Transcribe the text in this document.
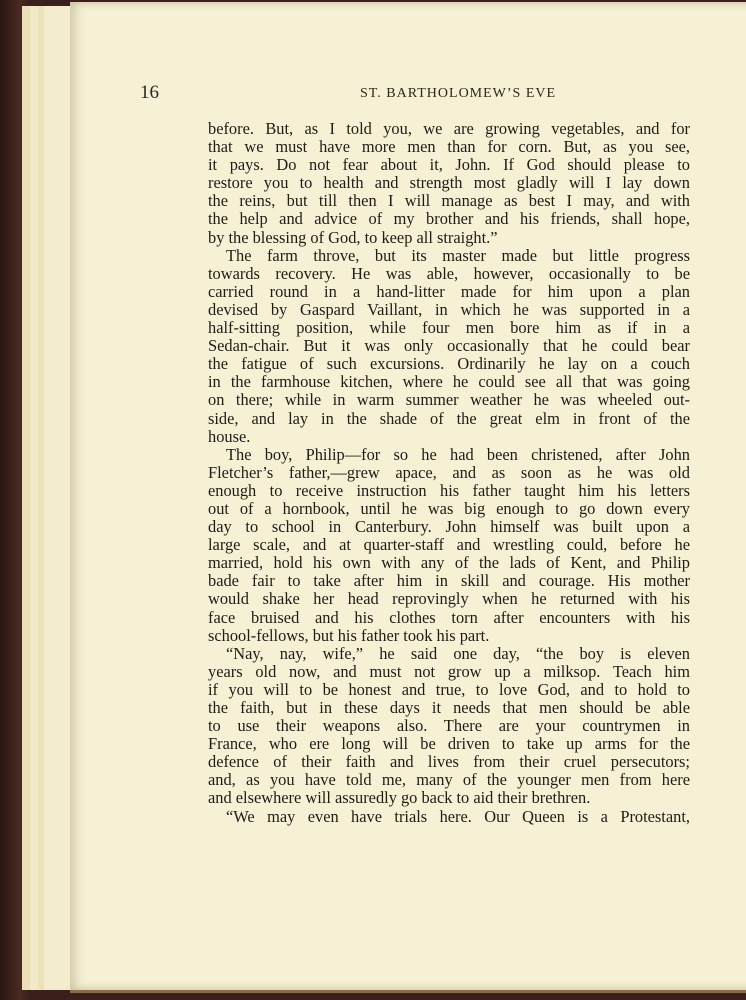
16	ST. BARTHOLOMEW’S EVE
before. But, as I told you, we are growing vegetables, and for
that we must have more men than for corn. But, as you see,
it pays. Do not fear about it, John. If God should please to
restore you to health and strength most gladly will I lay down
the reins, but till then I will manage as best I may, and with
the help and advice of my brother and his friends, shall hope,
by the blessing of God, to keep all straight.”
The farm throve, but its master made but little progress
towards recovery. He was able, however, occasionally to be
carried round in a hand-litter made for him upon a plan
devised by Gaspard Vaillant, in which he was supported in a
half-sitting position, while four men bore him as if in a
Sedan-chair. But it was only occasionally that he could bear
the fatigue of such excursions. Ordinarily he lay on a couch
in the farmhouse kitchen, where he could see all that was going
on there; while in warm summer weather he was wheeled out-
side, and lay in the shade of the great elm in front of the
house.
The boy, Philip—for so he had been christened, after John
Fletcher’s father,—grew apace, and as soon as he was old
enough to receive instruction his father taught him his letters
out of a hornbook, until he was big enough to go down every
day to school in Canterbury. John himself was built upon a
large scale, and at quarter-staff and wrestling could, before he
married, hold his own with any of the lads of Kent, and Philip
bade fair to take after him in skill and courage. His mother
would shake her head reprovingly when he returned with his
face bruised and his clothes torn after encounters with his
school-fellows, but his father took his part.
“Nay, nay, wife,” he said one day, “the boy is eleven
years old now, and must not grow up a milksop. Teach him
if you will to be honest and true, to love God, and to hold to
the faith, but in these days it needs that men should be able
to use their weapons also. There are your countrymen in
France, who ere long will be driven to take up arms for the
defence of their faith and lives from their cruel persecutors;
and, as you have told me, many of the younger men from here
and elsewhere will assuredly go back to aid their brethren.
“We may even have trials here. Our Queen is a Protestant,
